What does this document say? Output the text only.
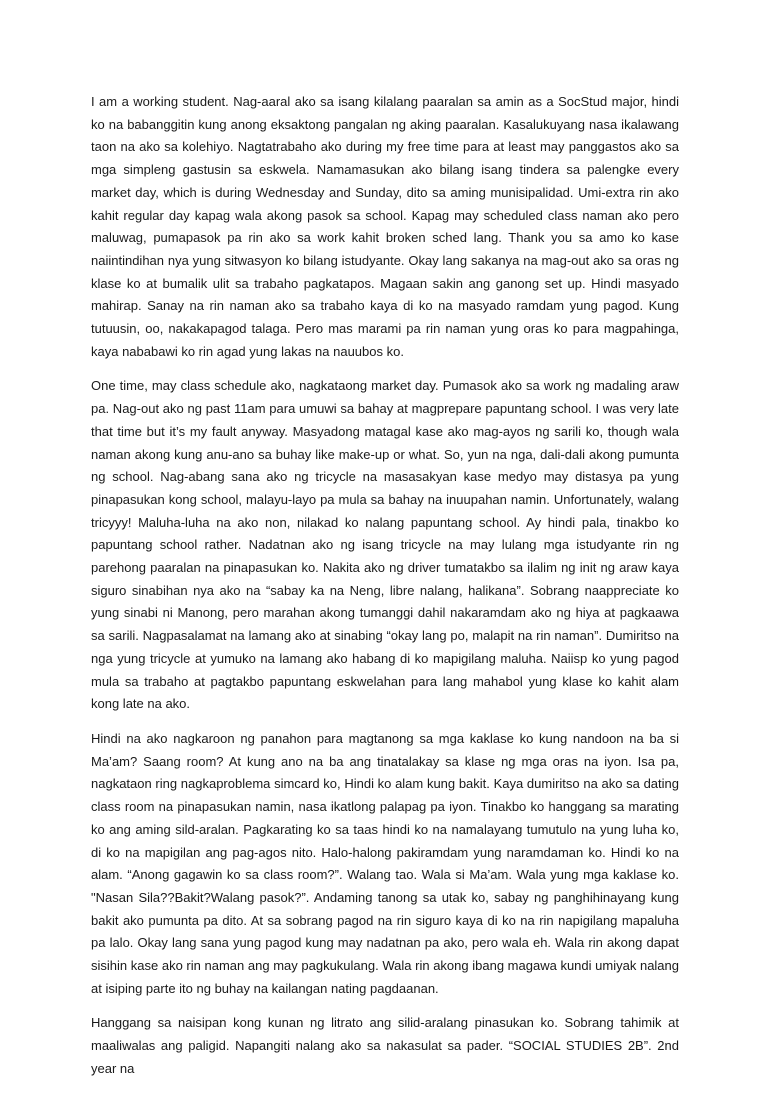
I am a working student. Nag-aaral ako sa isang kilalang paaralan sa amin as a SocStud major, hindi ko na babanggitin kung anong eksaktong pangalan ng aking paaralan. Kasalukuyang nasa ikalawang taon na ako sa kolehiyo. Nagtatrabaho ako during my free time para at least may panggastos ako sa mga simpleng gastusin sa eskwela. Namamasukan ako bilang isang tindera sa palengke every market day, which is during Wednesday and Sunday, dito sa aming munisipalidad. Umi-extra rin ako kahit regular day kapag wala akong pasok sa school. Kapag may scheduled class naman ako pero maluwag, pumapasok pa rin ako sa work kahit broken sched lang. Thank you sa amo ko kase naiintindihan nya yung sitwasyon ko bilang istudyante. Okay lang sakanya na mag-out ako sa oras ng klase ko at bumalik ulit sa trabaho pagkatapos. Magaan sakin ang ganong set up. Hindi masyado mahirap. Sanay na rin naman ako sa trabaho kaya di ko na masyado ramdam yung pagod. Kung tutuusin, oo, nakakapagod talaga. Pero mas marami pa rin naman yung oras ko para magpahinga, kaya nababawi ko rin agad yung lakas na nauubos ko.

One time, may class schedule ako, nagkataong market day. Pumasok ako sa work ng madaling araw pa. Nag-out ako ng past 11am para umuwi sa bahay at magprepare papuntang school. I was very late that time but it’s my fault anyway. Masyadong matagal kase ako mag-ayos ng sarili ko, though wala naman akong kung anu-ano sa buhay like make-up or what. So, yun na nga, dali-dali akong pumunta ng school. Nag-abang sana ako ng tricycle na masasakyan kase medyo may distasya pa yung pinapasukan kong school, malayu-layo pa mula sa bahay na inuupahan namin. Unfortunately, walang tricyyy! Maluha-luha na ako non, nilakad ko nalang papuntang school. Ay hindi pala, tinakbo ko papuntang school rather. Nadatnan ako ng isang tricycle na may lulang mga istudyante rin ng parehong paaralan na pinapasukan ko. Nakita ako ng driver tumatakbo sa ilalim ng init ng araw kaya siguro sinabihan nya ako na “sabay ka na Neng, libre nalang, halikana”. Sobrang naappreciate ko yung sinabi ni Manong, pero marahan akong tumanggi dahil nakaramdam ako ng hiya at pagkaawa sa sarili. Nagpasalamat na lamang ako at sinabing “okay lang po, malapit na rin naman”. Dumiritso na nga yung tricycle at yumuko na lamang ako habang di ko mapigilang maluha. Naiisp ko yung pagod mula sa trabaho at pagtakbo papuntang eskwelahan para lang mahabol yung klase ko kahit alam kong late na ako.

Hindi na ako nagkaroon ng panahon para magtanong sa mga kaklase ko kung nandoon na ba si Ma’am? Saang room? At kung ano na ba ang tinatalakay sa klase ng mga oras na iyon. Isa pa, nagkataon ring nagkaproblema simcard ko, Hindi ko alam kung bakit. Kaya dumiritso na ako sa dating class room na pinapasukan namin, nasa ikatlong palapag pa iyon. Tinakbo ko hanggang sa marating ko ang aming sild-aralan. Pagkarating ko sa taas hindi ko na namalayang tumutulo na yung luha ko, di ko na mapigilan ang pag-agos nito. Halo-halong pakiramdam yung naramdaman ko. Hindi ko na alam. “Anong gagawin ko sa class room?”. Walang tao. Wala si Ma’am. Wala yung mga kaklase ko. "Nasan Sila??Bakit?Walang pasok?”. Andaming tanong sa utak ko, sabay ng panghihinayang kung bakit ako pumunta pa dito. At sa sobrang pagod na rin siguro kaya di ko na rin napigilang mapaluha pa lalo. Okay lang sana yung pagod kung may nadatnan pa ako, pero wala eh. Wala rin akong dapat sisihin kase ako rin naman ang may pagkukulang. Wala rin akong ibang magawa kundi umiyak nalang at isiping parte ito ng buhay na kailangan nating pagdaanan.

Hanggang sa naisipan kong kunan ng litrato ang silid-aralang pinasukan ko. Sobrang tahimik at maaliwalas ang paligid. Napangiti nalang ako sa nakasulat sa pader. “SOCIAL STUDIES 2B”. 2nd year na
